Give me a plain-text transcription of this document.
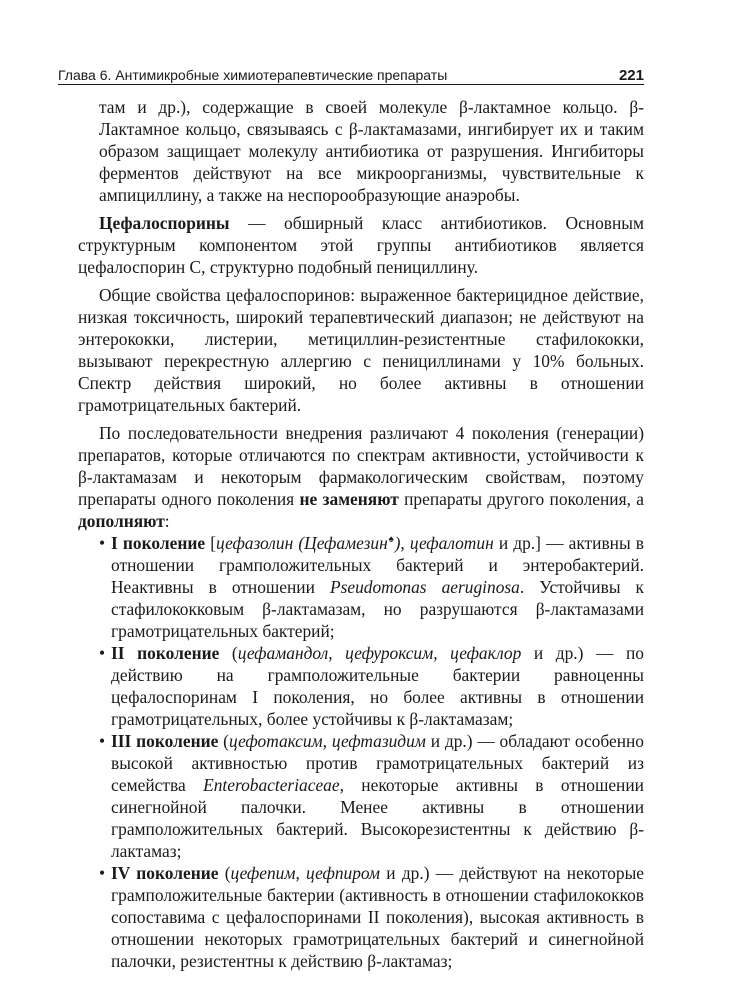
Глава 6. Антимикробные химиотерапевтические препараты	221

там и др.), содержащие в своей молекуле β-лактамное кольцо. β-Лактамное кольцо, связываясь с β-лактамазами, ингибирует их и таким образом защищает молекулу антибиотика от разрушения. Ингибиторы ферментов действуют на все микроорганизмы, чувствительные к ампициллину, а также на неспорообразующие анаэробы.

Цефалоспорины — обширный класс антибиотиков. Основным структурным компонентом этой группы антибиотиков является цефалоспорин С, структурно подобный пенициллину.

Общие свойства цефалоспоринов: выраженное бактерицидное действие, низкая токсичность, широкий терапевтический диапазон; не действуют на энтерококки, листерии, метициллин-резистентные стафилококки, вызывают перекрестную аллергию с пенициллинами у 10% больных. Спектр действия широкий, но более активны в отношении грамотрицательных бактерий.

По последовательности внедрения различают 4 поколения (генерации) препаратов, которые отличаются по спектрам активности, устойчивости к β-лактамазам и некоторым фармакологическим свойствам, поэтому препараты одного поколения не заменяют препараты другого поколения, а дополняют:

• I поколение [цефазолин (Цефамезин♠), цефалотин и др.] — активны в отношении грамположительных бактерий и энтеробактерий. Неактивны в отношении Pseudomonas aeruginosa. Устойчивы к стафилококковым β-лактамазам, но разрушаются β-лактамазами грамотрицательных бактерий;
• II поколение (цефамандол, цефуроксим, цефаклор и др.) — по действию на грамположительные бактерии равноценны цефалоспоринам I поколения, но более активны в отношении грамотрицательных, более устойчивы к β-лактамазам;
• III поколение (цефотаксим, цефтазидим и др.) — обладают особенно высокой активностью против грамотрицательных бактерий из семейства Enterobacteriaceae, некоторые активны в отношении синегнойной палочки. Менее активны в отношении грамположительных бактерий. Высокорезистентны к действию β-лактамаз;
• IV поколение (цефепим, цефпиром и др.) — действуют на некоторые грамположительные бактерии (активность в отношении стафилококков сопоставима с цефалоспоринами II поколения), высокая активность в отношении некоторых грамотрицательных бактерий и синегнойной палочки, резистентны к действию β-лактамаз;
